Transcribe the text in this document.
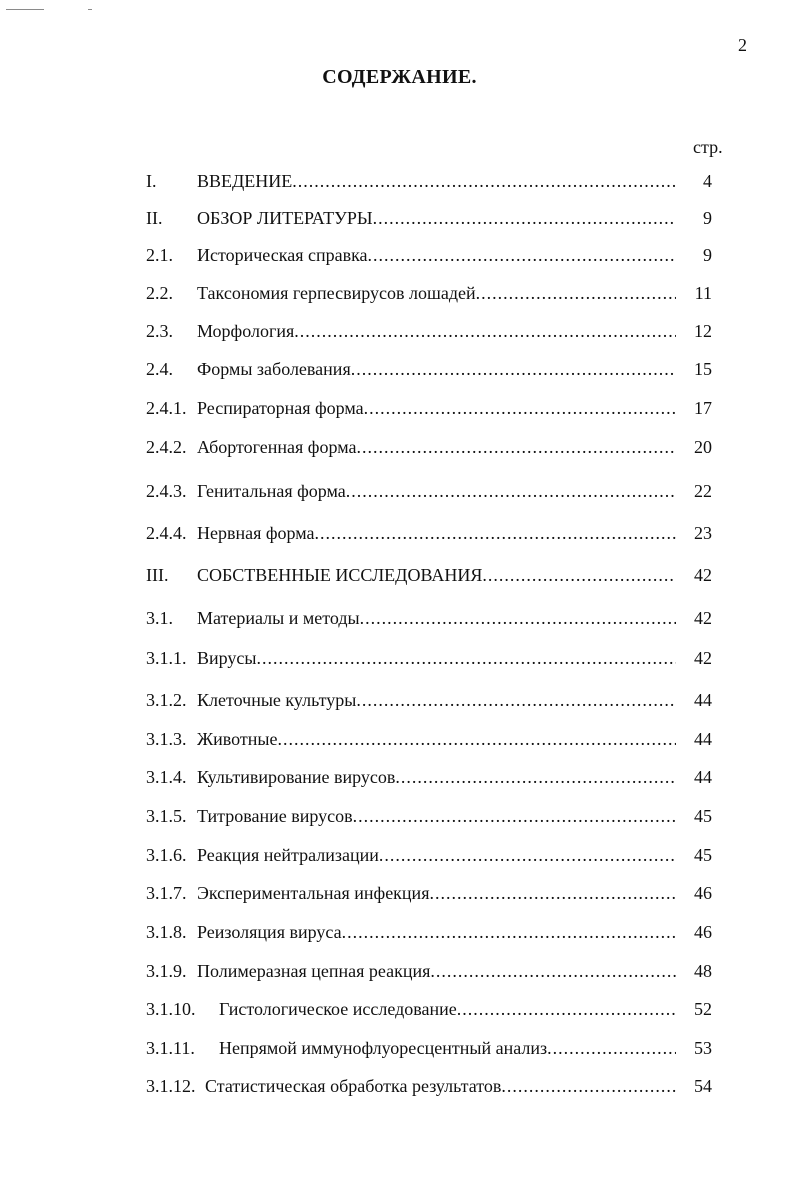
2
СОДЕРЖАНИЕ.
стр.
I. ВВЕДЕНИЕ .....	4
II. ОБЗОР ЛИТЕРАТУРЫ .....	9
2.1. Историческая справка .....	9
2.2. Таксономия герпесвирусов лошадей .....	11
2.3. Морфология .....	12
2.4. Формы заболевания .....	15
2.4.1. Респираторная форма .....	17
2.4.2. Абортогенная форма .....	20
2.4.3. Генитальная форма .....	22
2.4.4. Нервная форма .....	23
III. СОБСТВЕННЫЕ ИССЛЕДОВАНИЯ .....	42
3.1. Материалы и методы .....	42
3.1.1. Вирусы .....	42
3.1.2. Клеточные культуры .....	44
3.1.3. Животные .....	44
3.1.4. Культивирование вирусов .....	44
3.1.5. Титрование вирусов .....	45
3.1.6. Реакция нейтрализации .....	45
3.1.7. Экспериментальная инфекция .....	46
3.1.8. Реизоляция вируса .....	46
3.1.9. Полимеразная цепная реакция .....	48
3.1.10. Гистологическое исследование .....	52
3.1.11. Непрямой иммунофлуоресцентный анализ .....	53
3.1.12. Статистическая обработка результатов .....	54
